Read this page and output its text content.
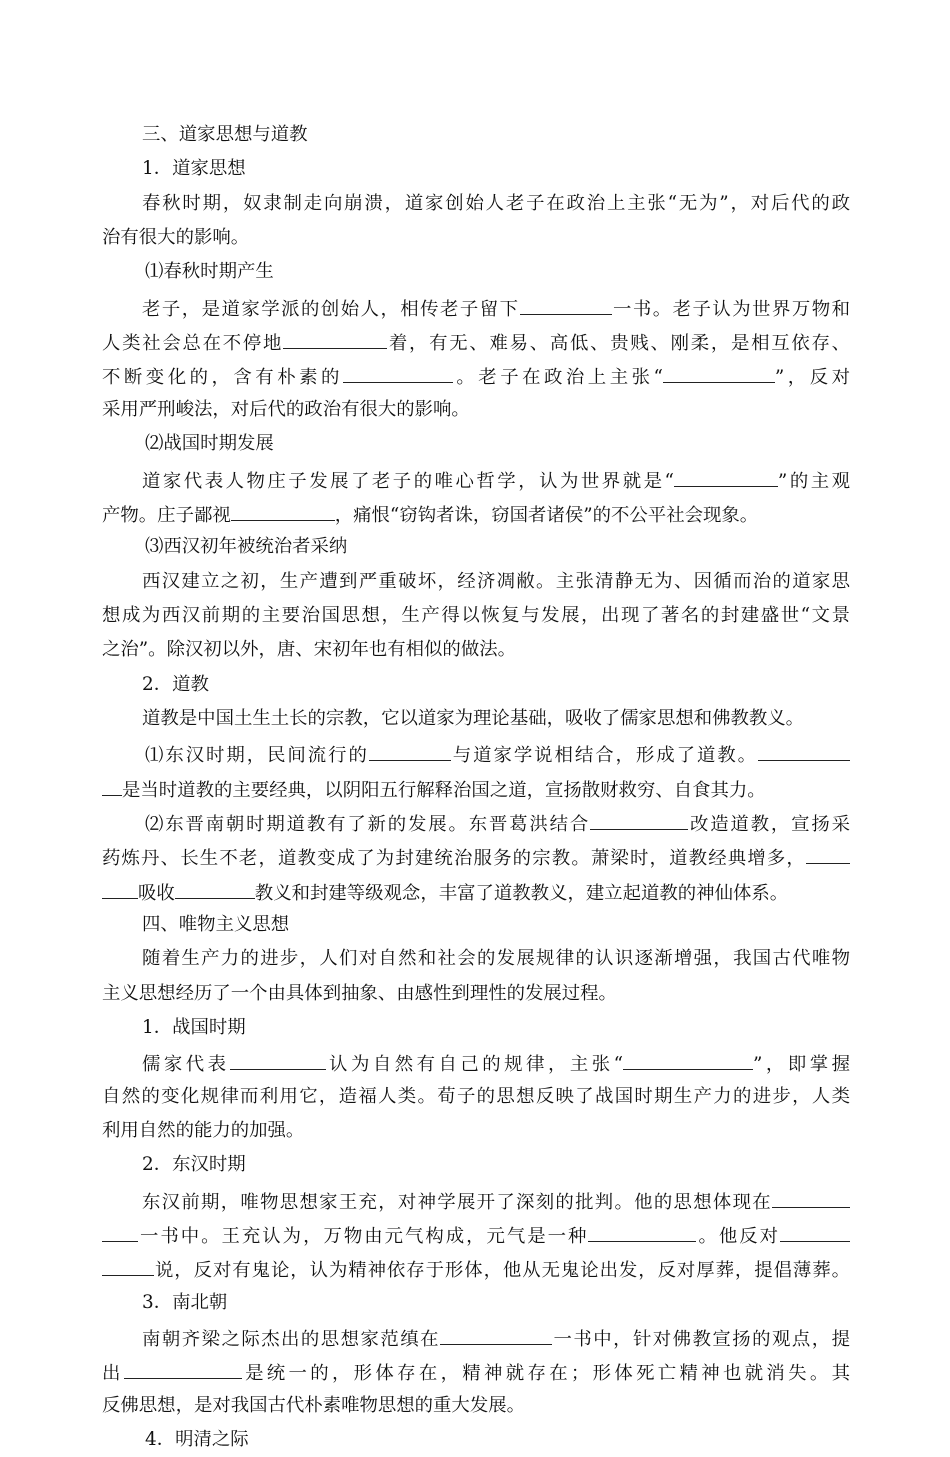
三、道家思想与道教
1．道家思想
春秋时期，奴隶制走向崩溃，道家创始人老子在政治上主张“无为”，对后代的政
治有很大的影响。
⑴春秋时期产生
老子，是道家学派的创始人，相传老子留下	一书。老子认为世界万物和
人类社会总在不停地	着，有无、难易、高低、贵贱、刚柔，是相互依存、
不断变化的，含有朴素的	。老子在政治上主张“	”，反对
采用严刑峻法，对后代的政治有很大的影响。
⑵战国时期发展
道家代表人物庄子发展了老子的唯心哲学，认为世界就是“	”的主观
产物。庄子鄙视	，痛恨“窃钩者诛，窃国者诸侯”的不公平社会现象。
⑶西汉初年被统治者采纳
西汉建立之初，生产遭到严重破坏，经济凋敝。主张清静无为、因循而治的道家思
想成为西汉前期的主要治国思想，生产得以恢复与发展，出现了著名的封建盛世“文景
之治”。除汉初以外，唐、宋初年也有相似的做法。
2．道教
道教是中国土生土长的宗教，它以道家为理论基础，吸收了儒家思想和佛教教义。
⑴东汉时期，民间流行的	与道家学说相结合，形成了道教。
是当时道教的主要经典，以阴阳五行解释治国之道，宣扬散财救穷、自食其力。
⑵东晋南朝时期道教有了新的发展。东晋葛洪结合	改造道教，宣扬采
药炼丹、长生不老，道教变成了为封建统治服务的宗教。萧梁时，道教经典增多，
吸收	教义和封建等级观念，丰富了道教教义，建立起道教的神仙体系。
四、唯物主义思想
随着生产力的进步，人们对自然和社会的发展规律的认识逐渐增强，我国古代唯物
主义思想经历了一个由具体到抽象、由感性到理性的发展过程。
1．战国时期
儒家代表	认为自然有自己的规律，主张“	”，即掌握
自然的变化规律而利用它，造福人类。荀子的思想反映了战国时期生产力的进步，人类
利用自然的能力的加强。
2．东汉时期
东汉前期，唯物思想家王充，对神学展开了深刻的批判。他的思想体现在
一书中。王充认为，万物由元气构成，元气是一种	。他反对
说，反对有鬼论，认为精神依存于形体，他从无鬼论出发，反对厚葬，提倡薄葬。
3．南北朝
南朝齐梁之际杰出的思想家范缜在	一书中，针对佛教宣扬的观点，提
出	是统一的，形体存在，精神就存在；形体死亡精神也就消失。其
反佛思想，是对我国古代朴素唯物思想的重大发展。
4．明清之际
